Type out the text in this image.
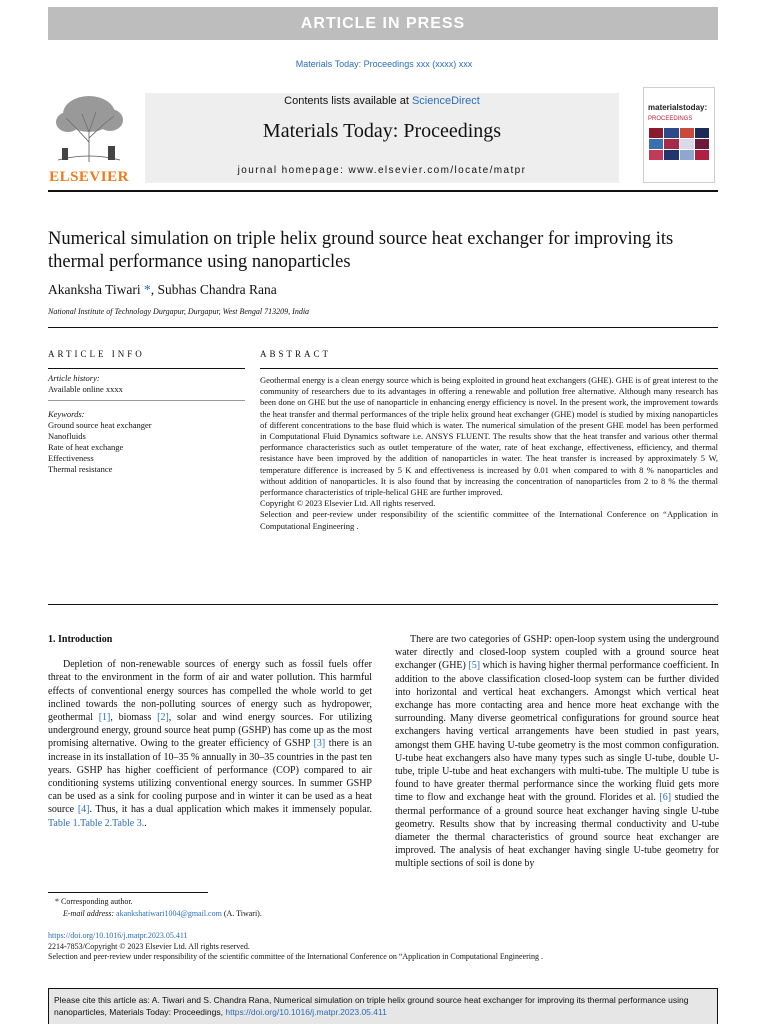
ARTICLE IN PRESS
Materials Today: Proceedings xxx (xxxx) xxx
ELSEVIER
Contents lists available at ScienceDirect
Materials Today: Proceedings
journal homepage: www.elsevier.com/locate/matpr
materialstoday:
PROCEEDINGS
Numerical simulation on triple helix ground source heat exchanger for improving its thermal performance using nanoparticles
Akanksha Tiwari *, Subhas Chandra Rana
National Institute of Technology Durgapur, Durgapur, West Bengal 713209, India
ARTICLE INFO	ABSTRACT
Article history:
Available online xxxx
Keywords:
Ground source heat exchanger
Nanofluids
Rate of heat exchange
Effectiveness
Thermal resistance

Geothermal energy is a clean energy source which is being exploited in ground heat exchangers (GHE). GHE is of great interest to the community of researchers due to its advantages in offering a renewable and pollution free alternative. Although many research has been done on GHE but the use of nanoparticle in enhancing energy efficiency is novel. In the present work, the improvement towards the heat transfer and thermal performances of the triple helix ground heat exchanger (GHE) model is studied by mixing nanoparticles of different concentrations to the base fluid which is water. The numerical simulation of the present GHE model has been performed in Computational Fluid Dynamics software i.e. ANSYS FLUENT. The results show that the heat transfer and various other thermal performance characteristics such as outlet temperature of the water, rate of heat exchange, effectiveness, efficiency, and thermal resistance have been improved by the addition of nanoparticles in water. The heat transfer is increased by approximately 5 W, temperature difference is increased by 5 K and effectiveness is increased by 0.01 when compared to with 8 % nanoparticles and without addition of nanoparticles. It is also found that by increasing the concentration of nanoparticles from 2 to 8 % the thermal performance characteristics of triple-helical GHE are further improved.

Copyright © 2023 Elsevier Ltd. All rights reserved.

Selection and peer-review under responsibility of the scientific committee of the International Conference on “Application in Computational Engineering .

1. Introduction

Depletion of non-renewable sources of energy such as fossil fuels offer threat to the environment in the form of air and water pollution. This harmful effects of conventional energy sources has compelled the whole world to get inclined towards the non-polluting sources of energy such as hydropower, geothermal [1], biomass [2], solar and wind energy sources. For utilizing underground energy, ground source heat pump (GSHP) has come up as the most promising alternative. Owing to the greater efficiency of GSHP [3] there is an increase in its installation of 10–35 % annually in 30–35 countries in the past ten years. GSHP has higher coefficient of performance (COP) compared to air conditioning systems utilizing conventional energy sources. In summer GSHP can be used as a sink for cooling purpose and in winter it can be used as a heat source [4]. Thus, it has a dual application which makes it immensely popular. Table 1.Table 2.Table 3..

There are two categories of GSHP: open-loop system using the underground water directly and closed-loop system coupled with a ground source heat exchanger (GHE) [5] which is having higher thermal performance coefficient. In addition to the above classification closed-loop system can be further divided into horizontal and vertical heat exchangers. Amongst which vertical heat exchange has more contacting area and hence more heat exchange with the surrounding. Many diverse geometrical configurations for ground source heat exchangers having vertical arrangements have been studied in past years, amongst them GHE having U-tube geometry is the most common configuration. U-tube heat exchangers also have many types such as single U-tube, double U-tube, triple U-tube and heat exchangers with multi-tube. The multiple U tube is found to have greater thermal performance since the working fluid gets more time to flow and exchange heat with the ground. Florides et al. [6] studied the thermal performance of a ground source heat exchanger having single U-tube geometry. Results show that by increasing thermal conductivity and U-tube diameter the thermal characteristics of ground source heat exchanger are improved. The analysis of heat exchanger having single U-tube geometry for multiple sections of soil is done by

* Corresponding author.
E-mail address: akankshatiwari1004@gmail.com (A. Tiwari).
https://doi.org/10.1016/j.matpr.2023.05.411
2214-7853/Copyright © 2023 Elsevier Ltd. All rights reserved.
Selection and peer-review under responsibility of the scientific committee of the International Conference on “Application in Computational Engineering .
Please cite this article as: A. Tiwari and S. Chandra Rana, Numerical simulation on triple helix ground source heat exchanger for improving its thermal performance using nanoparticles, Materials Today: Proceedings, https://doi.org/10.1016/j.matpr.2023.05.411
